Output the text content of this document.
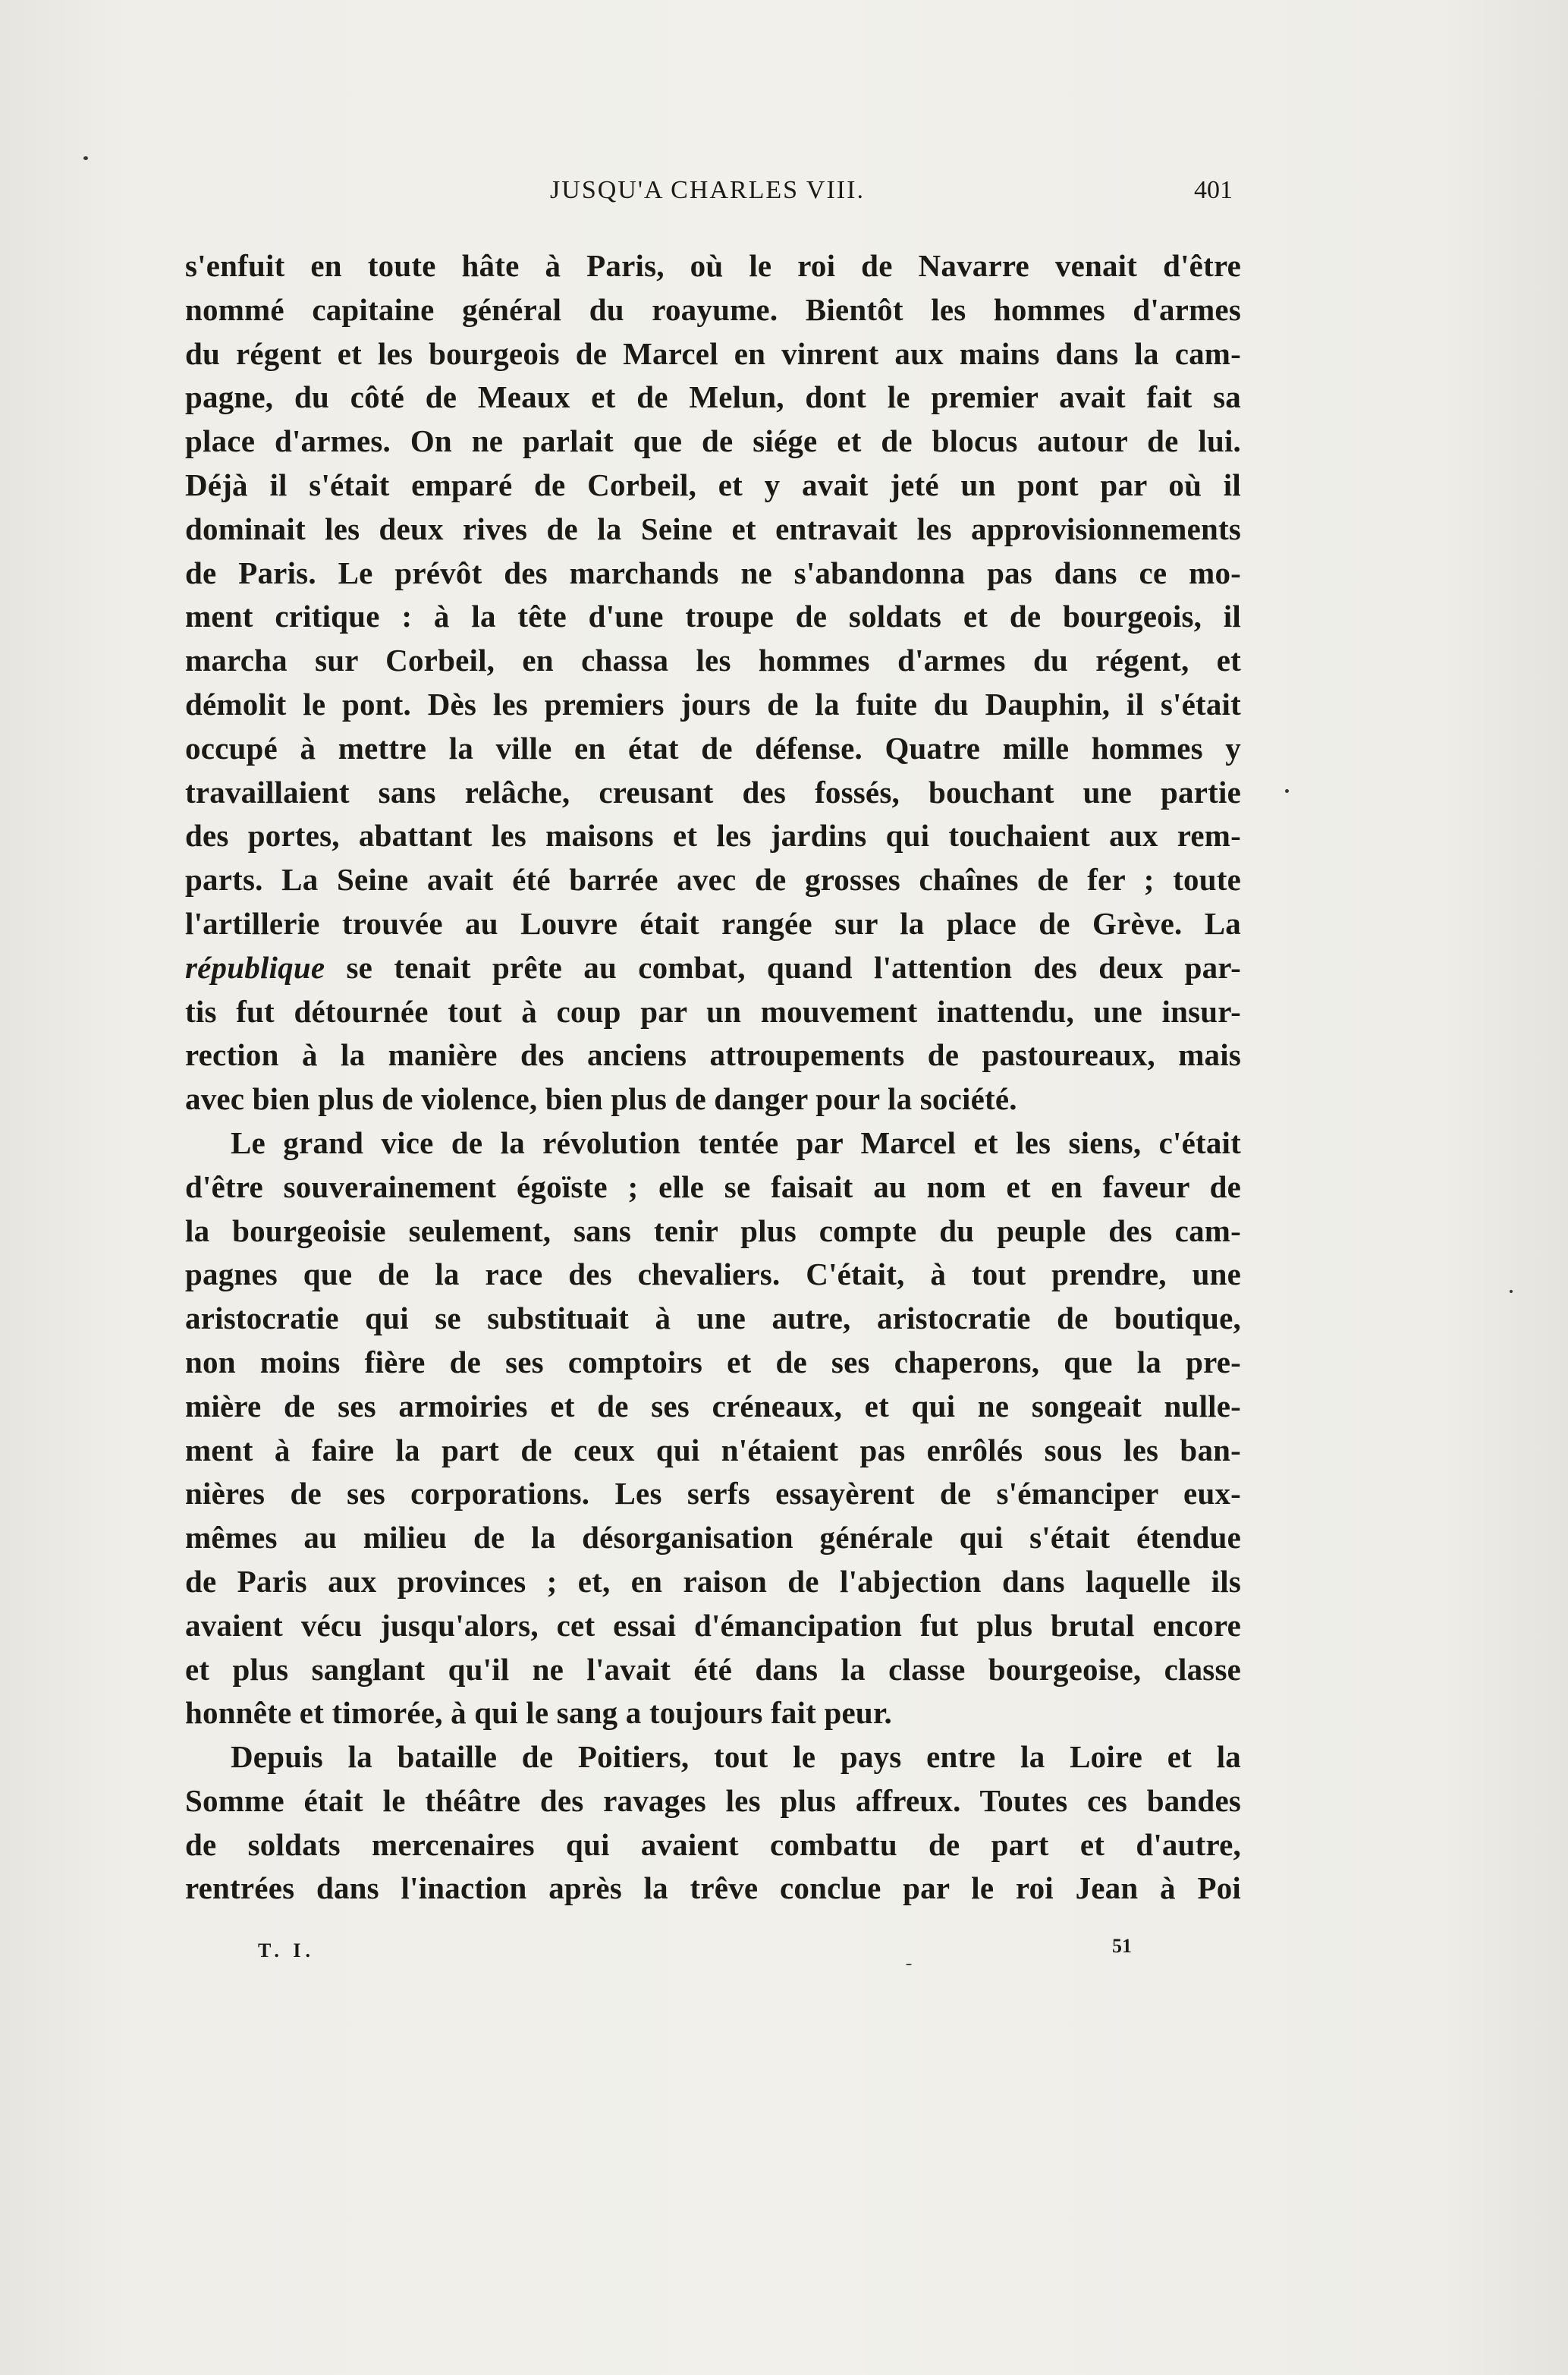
JUSQU'A CHARLES VIII.	401
s'enfuit en toute hâte à Paris, où le roi de Navarre venait d'être
nommé capitaine général du roayume. Bientôt les hommes d'armes
du régent et les bourgeois de Marcel en vinrent aux mains dans la cam-
pagne, du côté de Meaux et de Melun, dont le premier avait fait sa
place d'armes. On ne parlait que de siége et de blocus autour de lui.
Déjà il s'était emparé de Corbeil, et y avait jeté un pont par où il
dominait les deux rives de la Seine et entravait les approvisionnements
de Paris. Le prévôt des marchands ne s'abandonna pas dans ce mo-
ment critique : à la tête d'une troupe de soldats et de bourgeois, il
marcha sur Corbeil, en chassa les hommes d'armes du régent, et
démolit le pont. Dès les premiers jours de la fuite du Dauphin, il s'était
occupé à mettre la ville en état de défense. Quatre mille hommes y
travaillaient sans relâche, creusant des fossés, bouchant une partie
des portes, abattant les maisons et les jardins qui touchaient aux rem-
parts. La Seine avait été barrée avec de grosses chaînes de fer ; toute
l'artillerie trouvée au Louvre était rangée sur la place de Grève. La
république se tenait prête au combat, quand l'attention des deux par-
tis fut détournée tout à coup par un mouvement inattendu, une insur-
rection à la manière des anciens attroupements de pastoureaux, mais
avec bien plus de violence, bien plus de danger pour la société.
Le grand vice de la révolution tentée par Marcel et les siens, c'était
d'être souverainement égoïste ; elle se faisait au nom et en faveur de
la bourgeoisie seulement, sans tenir plus compte du peuple des cam-
pagnes que de la race des chevaliers. C'était, à tout prendre, une
aristocratie qui se substituait à une autre, aristocratie de boutique,
non moins fière de ses comptoirs et de ses chaperons, que la pre-
mière de ses armoiries et de ses créneaux, et qui ne songeait nulle-
ment à faire la part de ceux qui n'étaient pas enrôlés sous les ban-
nières de ses corporations. Les serfs essayèrent de s'émanciper eux-
mêmes au milieu de la désorganisation générale qui s'était étendue
de Paris aux provinces ; et, en raison de l'abjection dans laquelle ils
avaient vécu jusqu'alors, cet essai d'émancipation fut plus brutal encore
et plus sanglant qu'il ne l'avait été dans la classe bourgeoise, classe
honnête et timorée, à qui le sang a toujours fait peur.
Depuis la bataille de Poitiers, tout le pays entre la Loire et la
Somme était le théâtre des ravages les plus affreux. Toutes ces bandes
de soldats mercenaires qui avaient combattu de part et d'autre,
rentrées dans l'inaction après la trêve conclue par le roi Jean à Poi
T. I.	51
